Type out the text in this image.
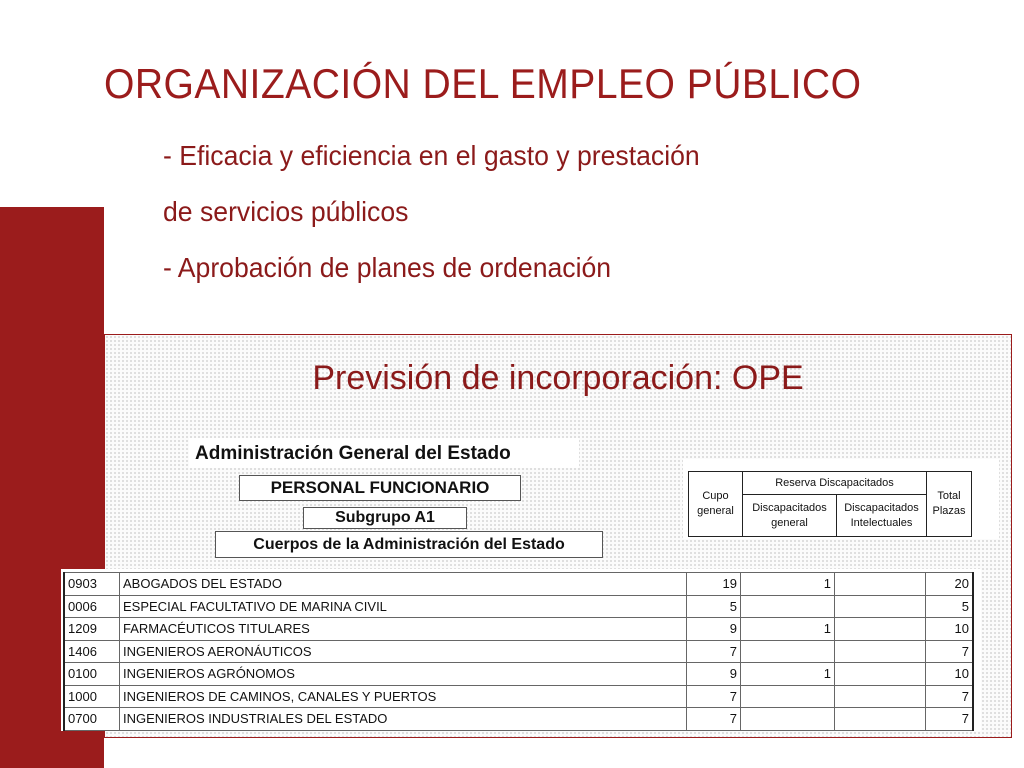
ORGANIZACIÓN DEL EMPLEO PÚBLICO
- Eficacia y eficiencia en el gasto y prestación
de servicios públicos
- Aprobación de planes de ordenación
Previsión de incorporación: OPE
Administración General del Estado
PERSONAL FUNCIONARIO
Subgrupo A1
Cuerpos de la Administración del Estado
Cupo general	Reserva Discapacitados		Total Plazas
	Discapacitados general	Discapacitados Intelectuales	
0903	ABOGADOS DEL ESTADO	19	1		20
0006	ESPECIAL FACULTATIVO DE MARINA CIVIL	5			5
1209	FARMACÉUTICOS TITULARES	9	1		10
1406	INGENIEROS AERONÁUTICOS	7			7
0100	INGENIEROS AGRÓNOMOS	9	1		10
1000	INGENIEROS DE CAMINOS, CANALES Y PUERTOS	7			7
0700	INGENIEROS INDUSTRIALES DEL ESTADO	7			7
